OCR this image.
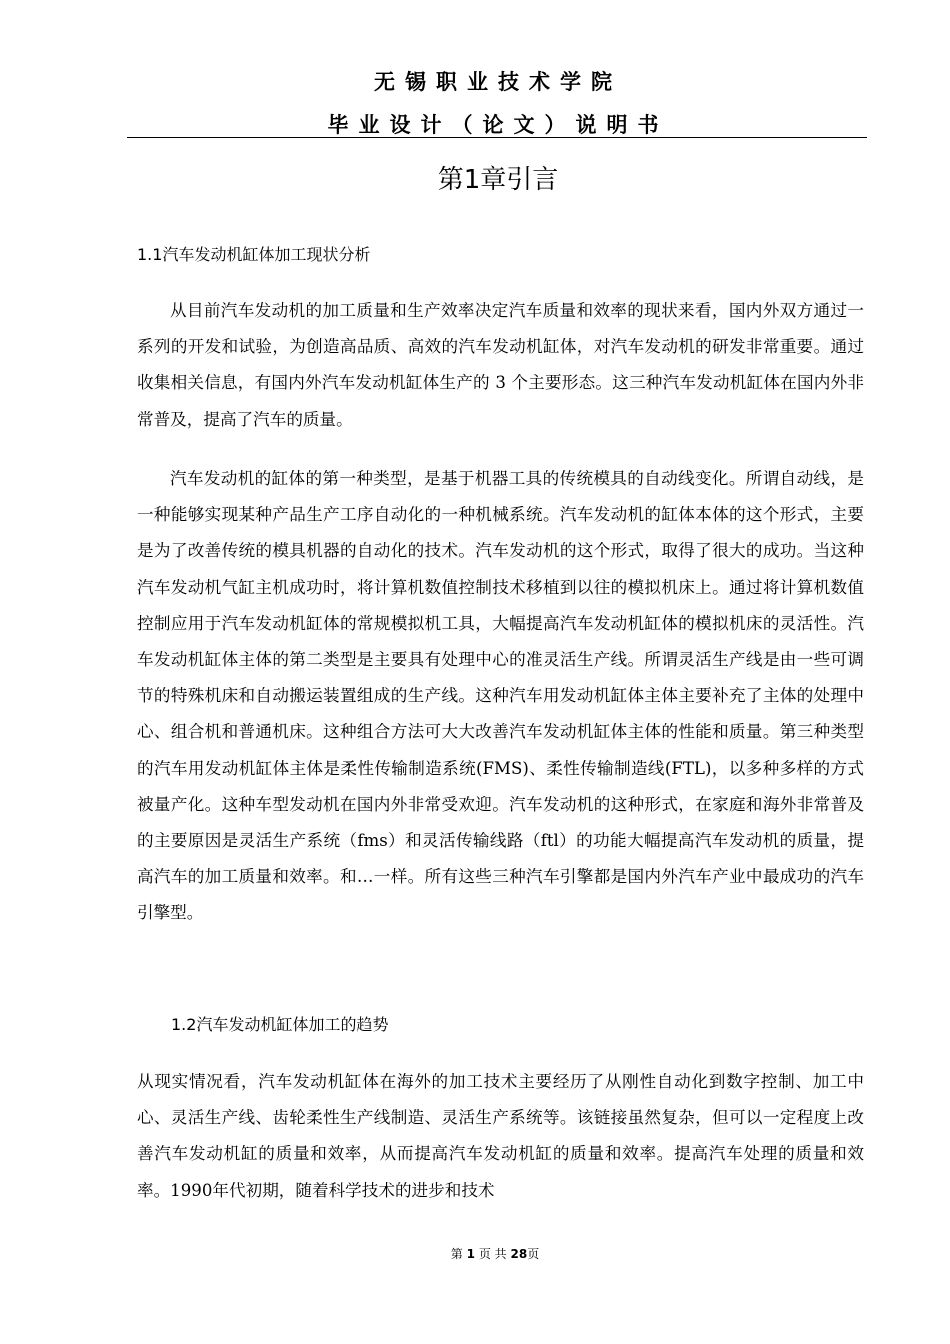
无锡职业技术学院
毕业设计（论文）说明书
第1章引言
1.1汽车发动机缸体加工现状分析

从目前汽车发动机的加工质量和生产效率决定汽车质量和效率的现状来看，国内外双方通过一系列的开发和试验，为创造高品质、高效的汽车发动机缸体，对汽车发动机的研发非常重要。通过收集相关信息，有国内外汽车发动机缸体生产的 3 个主要形态。这三种汽车发动机缸体在国内外非常普及，提高了汽车的质量。

汽车发动机的缸体的第一种类型，是基于机器工具的传统模具的自动线变化。所谓自动线，是一种能够实现某种产品生产工序自动化的一种机械系统。汽车发动机的缸体本体的这个形式，主要是为了改善传统的模具机器的自动化的技术。汽车发动机的这个形式，取得了很大的成功。当这种汽车发动机气缸主机成功时，将计算机数值控制技术移植到以往的模拟机床上。通过将计算机数值控制应用于汽车发动机缸体的常规模拟机工具，大幅提高汽车发动机缸体的模拟机床的灵活性。汽车发动机缸体主体的第二类型是主要具有处理中心的准灵活生产线。所谓灵活生产线是由一些可调节的特殊机床和自动搬运装置组成的生产线。这种汽车用发动机缸体主体主要补充了主体的处理中心、组合机和普通机床。这种组合方法可大大改善汽车发动机缸体主体的性能和质量。第三种类型的汽车用发动机缸体主体是柔性传输制造系统(FMS)、柔性传输制造线(FTL)，以多种多样的方式被量产化。这种车型发动机在国内外非常受欢迎。汽车发动机的这种形式，在家庭和海外非常普及的主要原因是灵活生产系统（fms）和灵活传输线路（ftl）的功能大幅提高汽车发动机的质量，提高汽车的加工质量和效率。和…一样。所有这些三种汽车引擎都是国内外汽车产业中最成功的汽车引擎型。

1.2汽车发动机缸体加工的趋势

从现实情况看，汽车发动机缸体在海外的加工技术主要经历了从刚性自动化到数字控制、加工中心、灵活生产线、齿轮柔性生产线制造、灵活生产系统等。该链接虽然复杂，但可以一定程度上改善汽车发动机缸的质量和效率，从而提高汽车发动机缸的质量和效率。提高汽车处理的质量和效率。1990年代初期，随着科学技术的进步和技术

第 1 页 共 28页
